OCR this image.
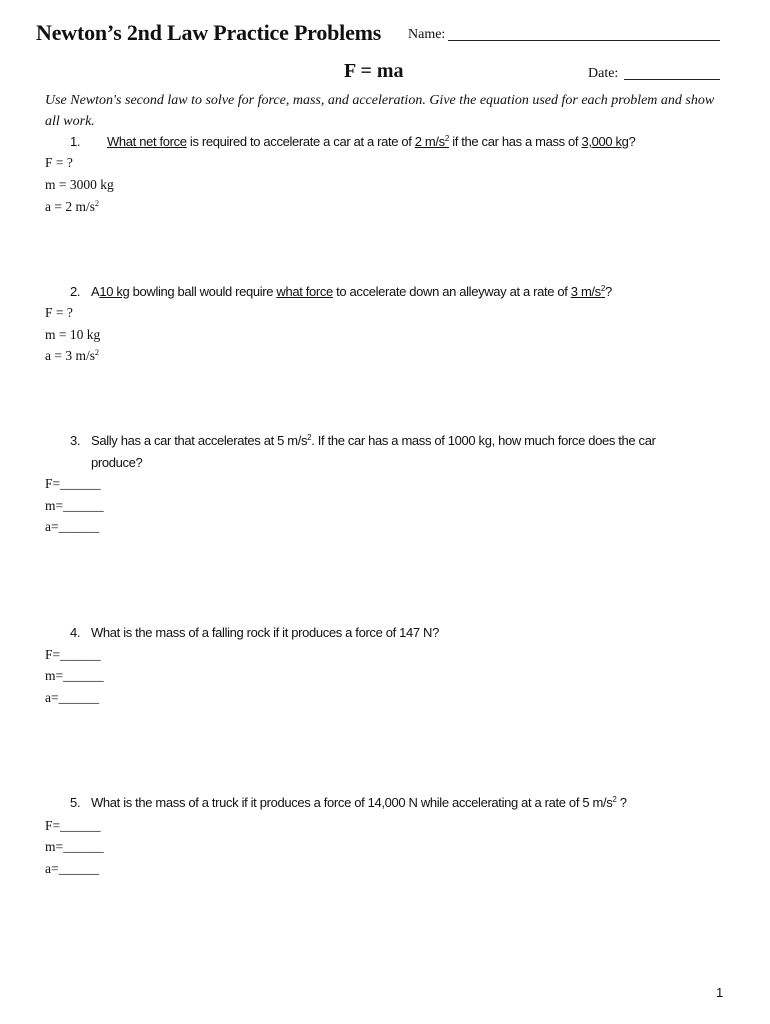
Newton’s 2nd Law Practice Problems Name:
F = ma	Date:
Use Newton's second law to solve for force, mass, and acceleration. Give the equation used for each problem and show all work.
1. What net force is required to accelerate a car at a rate of 2 $m/s^2$ if the car has a mass of 3,000 kg?
F = ?
m = 3000 kg
a = 2 $m/s^2$
2. A10 kg bowling ball would require what force to accelerate down an alleyway at a rate of 3 $m/s^2$?
F = ?
m = 10 kg
a = 3 $m/s^2$
3. Sally has a car that accelerates at 5 $m/s^2$. If the car has a mass of 1000 kg, how much force does the car
produce?
F=______
m=______
a=______
4. What is the mass of a falling rock if it produces a force of 147 N?
F=______
m=______
a=______
5. What is the mass of a truck if it produces a force of 14,000 N while accelerating at a rate of 5 $m/s^2$ ?
F=______
m=______
a=______
1
